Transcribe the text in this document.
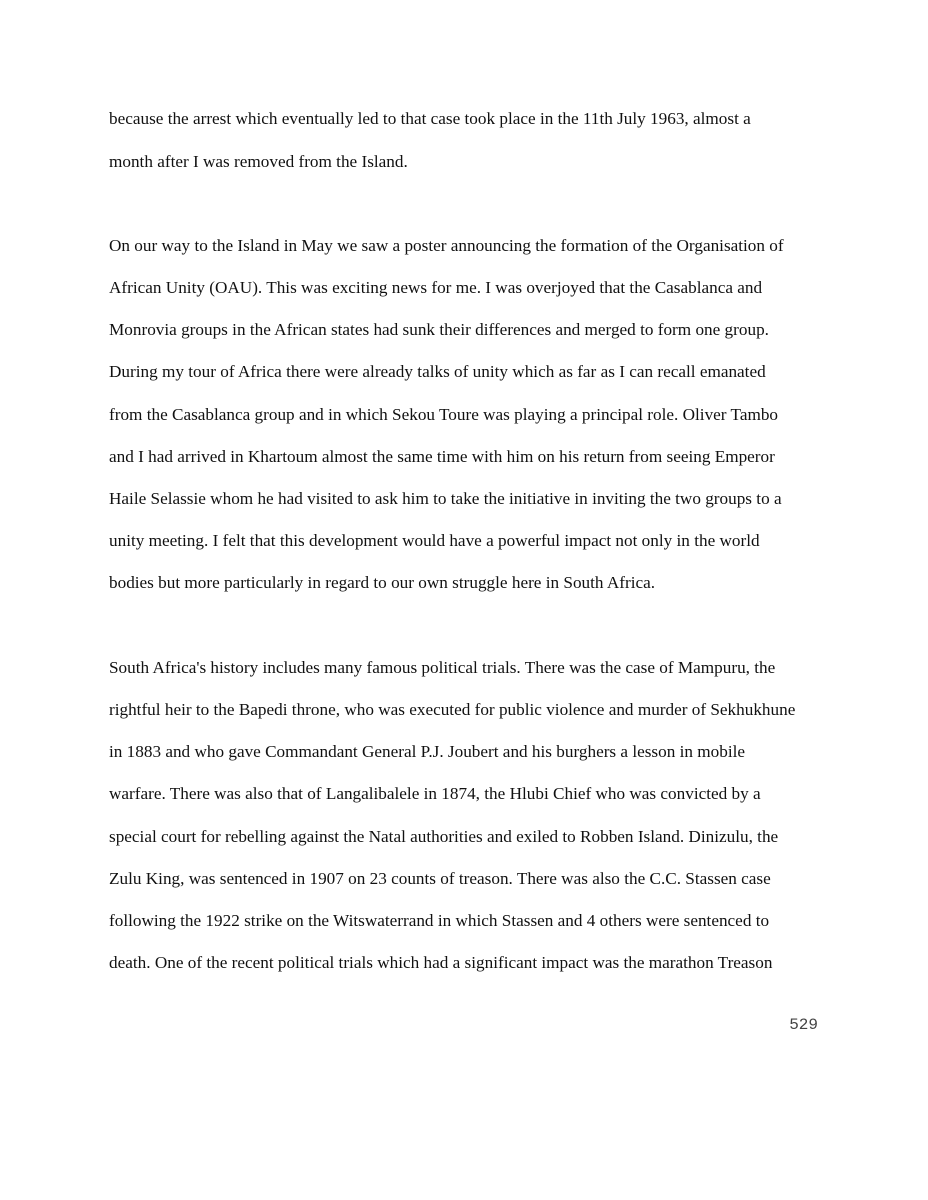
because the arrest which eventually led to that case took place in the 11th July 1963, almost a

month after I was removed from the Island.

On our way to the Island in May we saw a poster announcing the formation of the Organisation of

African Unity (OAU). This was exciting news for me. I was overjoyed that the Casablanca and

Monrovia groups in the African states had sunk their differences and merged to form one group.

During my tour of Africa there were already talks of unity which as far as I can recall emanated

from the Casablanca group and in which Sekou Toure was playing a principal role. Oliver Tambo

and I had arrived in Khartoum almost the same time with him on his return from seeing Emperor

Haile Selassie whom he had visited to ask him to take the initiative in inviting the two groups to a

unity meeting. I felt that this development would have a powerful impact not only in the world

bodies but more particularly in regard to our own struggle here in South Africa.

South Africa's history includes many famous political trials. There was the case of Mampuru, the

rightful heir to the Bapedi throne, who was executed for public violence and murder of Sekhukhune

in 1883 and who gave Commandant General P.J. Joubert and his burghers a lesson in mobile

warfare. There was also that of Langalibalele in 1874, the Hlubi Chief who was convicted by a

special court for rebelling against the Natal authorities and exiled to Robben Island. Dinizulu, the

Zulu King, was sentenced in 1907 on 23 counts of treason. There was also the C.C. Stassen case

following the 1922 strike on the Witswaterrand in which Stassen and 4 others were sentenced to

death. One of the recent political trials which had a significant impact was the marathon Treason

529
